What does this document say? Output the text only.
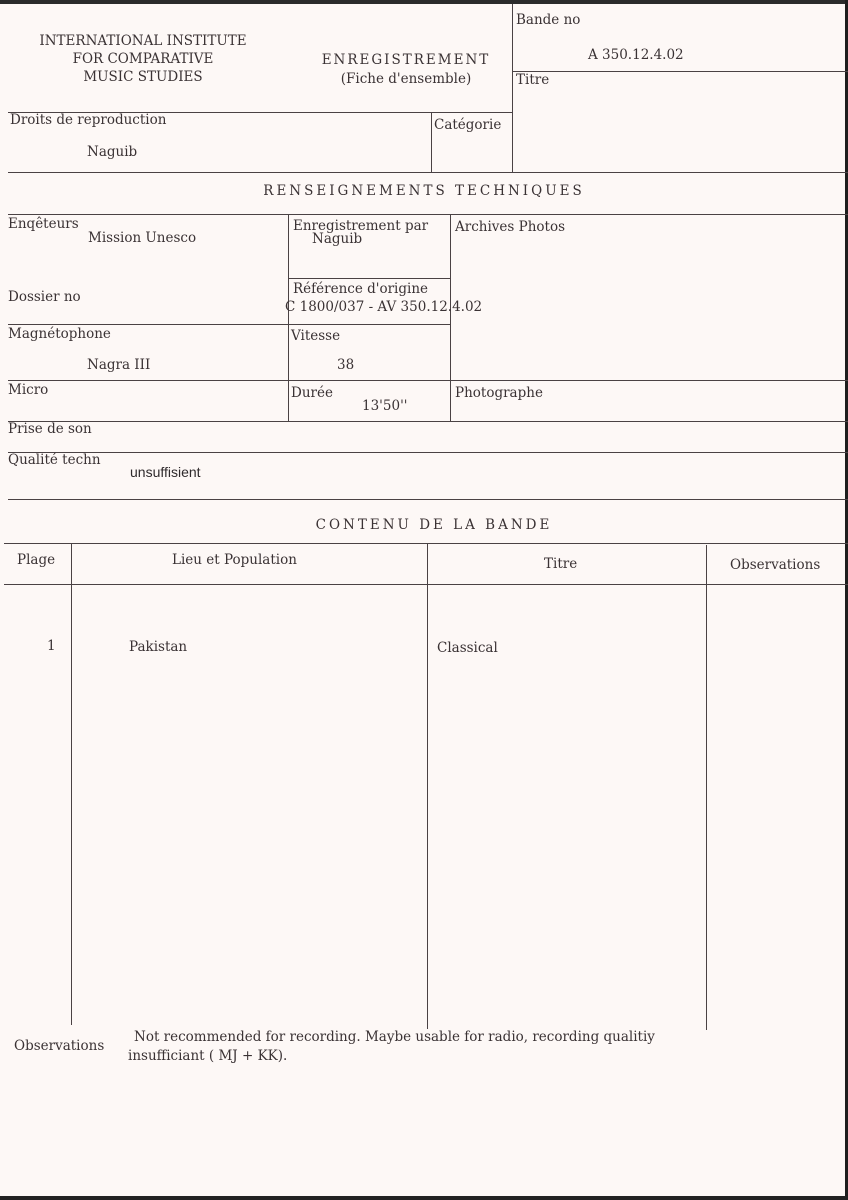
INTERNATIONAL INSTITUTE
FOR COMPARATIVE
MUSIC STUDIES
ENREGISTREMENT
(Fiche d'ensemble)
Bande no
A 350.12.4.02
Titre
Droits de reproduction
Naguib
Catégorie
RENSEIGNEMENTS TECHNIQUES
Enqêteurs
Mission Unesco
Enregistrement par
Naguib
Archives Photos
Dossier no	Référence d'origine
C 1800/037 - AV 350.12.4.02
Magnétophone
Nagra III
Vitesse
38
Micro	Durée
13'50''
Photographe
Prise de son
Qualité techn
unsuffisient
CONTENU DE LA BANDE
Plage	Lieu et Population	Titre	Observations
1	Pakistan	Classical
Observations
Not recommended for recording. Maybe usable for radio, recording qualitiy
insufficiant ( MJ + KK).
